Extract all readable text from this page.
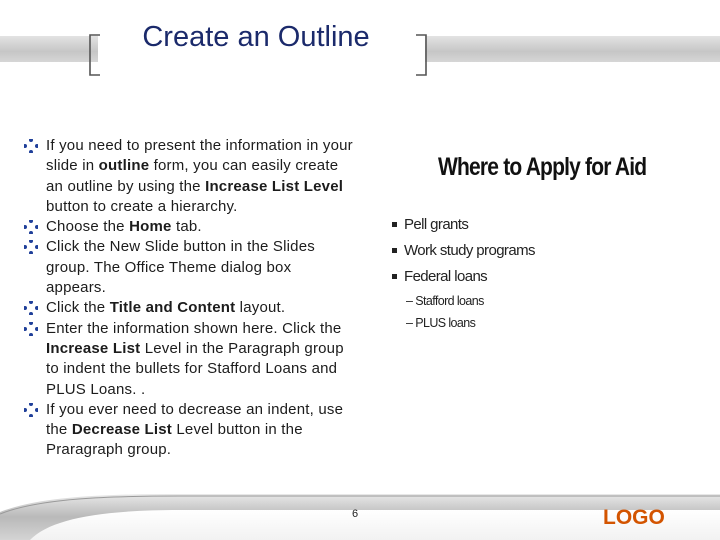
Create an Outline

If you need to present the information in your slide in outline form, you can easily create an outline by using the Increase List Level button to create a hierarchy.

Choose the Home tab.

Click the New Slide button in the Slides group. The Office Theme dialog box appears.

Click the Title and Content layout.

Enter the information shown here. Click the Increase List Level in the Paragraph group to indent the bullets for Stafford Loans and PLUS Loans. .

If you ever need to decrease an indent, use the Decrease List Level button in the Praragraph group.

Where to Apply for Aid
Pell grants
Work study programs
Federal loans
– Stafford loans
– PLUS loans
6	LOGO
